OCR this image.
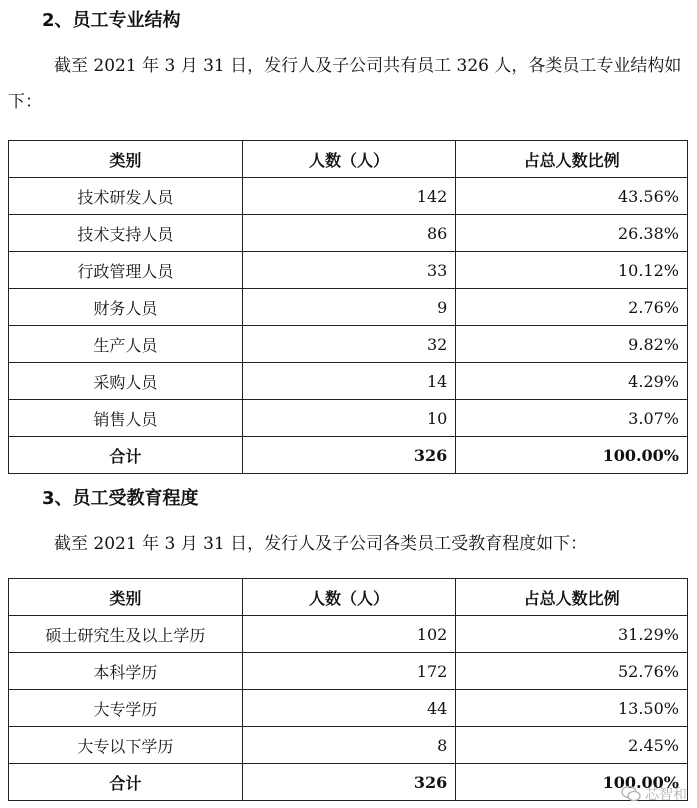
2、员工专业结构
截至 2021 年 3 月 31 日，发行人及子公司共有员工 326 人，各类员工专业结构如下：
类别	人数（人）	占总人数比例
技术研发人员	142	43.56%
技术支持人员	86	26.38%
行政管理人员	33	10.12%
财务人员	9	2.76%
生产人员	32	9.82%
采购人员	14	4.29%
销售人员	10	3.07%
合计	326	100.00%
3、员工受教育程度
截至 2021 年 3 月 31 日，发行人及子公司各类员工受教育程度如下：
类别	人数（人）	占总人数比例
硕士研究生及以上学历	102	31.29%
本科学历	172	52.76%
大专学历	44	13.50%
大专以下学历	8	2.45%
合计	326	100.00%
芯智和
